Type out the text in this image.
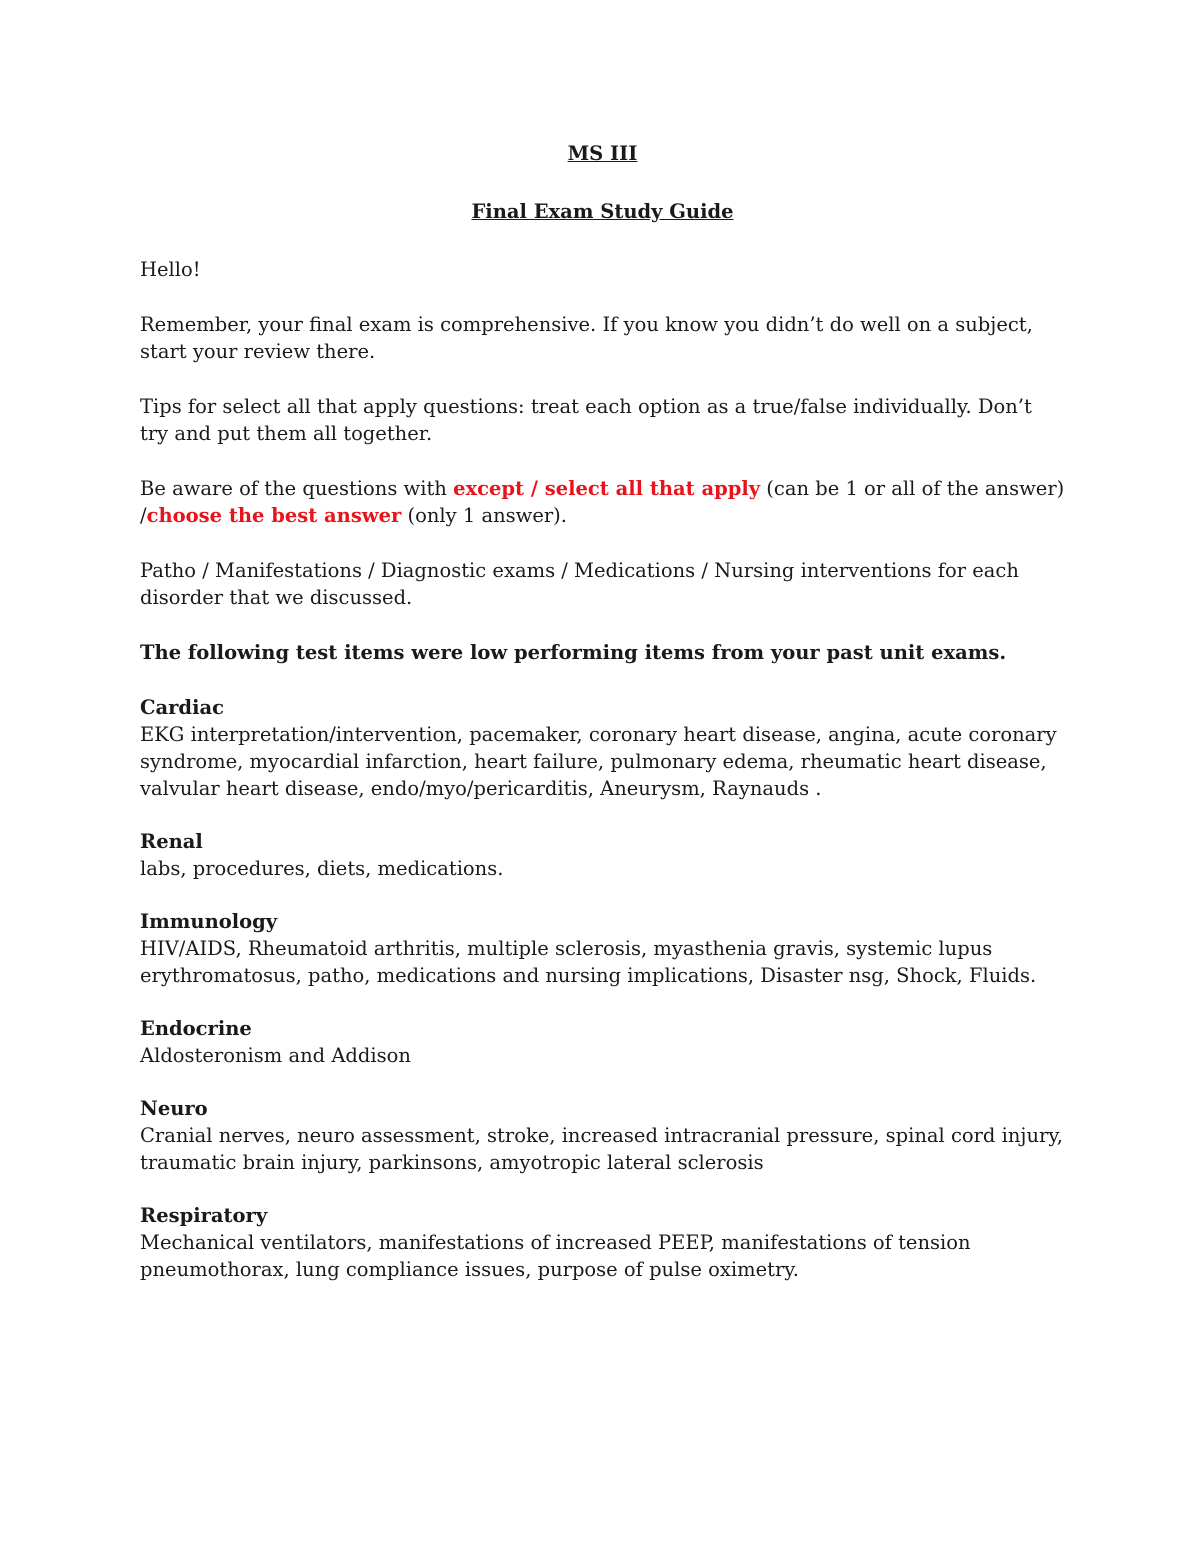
MS III

Final Exam Study Guide

Hello!

Remember, your final exam is comprehensive. If you know you didn’t do well on a subject, start your review there.

Tips for select all that apply questions: treat each option as a true/false individually. Don’t try and put them all together.

Be aware of the questions with except / select all that apply (can be 1 or all of the answer) /choose the best answer (only 1 answer).

Patho / Manifestations / Diagnostic exams / Medications / Nursing interventions for each disorder that we discussed.

The following test items were low performing items from your past unit exams.

Cardiac
EKG interpretation/intervention, pacemaker, coronary heart disease, angina, acute coronary syndrome, myocardial infarction, heart failure, pulmonary edema, rheumatic heart disease, valvular heart disease, endo/myo/pericarditis, Aneurysm, Raynauds .
Renal
labs, procedures, diets, medications.
Immunology
HIV/AIDS, Rheumatoid arthritis, multiple sclerosis, myasthenia gravis, systemic lupus erythromatosus, patho, medications and nursing implications, Disaster nsg, Shock, Fluids.
Endocrine
Aldosteronism and Addison
Neuro
Cranial nerves, neuro assessment, stroke, increased intracranial pressure, spinal cord injury, traumatic brain injury, parkinsons, amyotropic lateral sclerosis
Respiratory
Mechanical ventilators, manifestations of increased PEEP, manifestations of tension pneumothorax, lung compliance issues, purpose of pulse oximetry.
